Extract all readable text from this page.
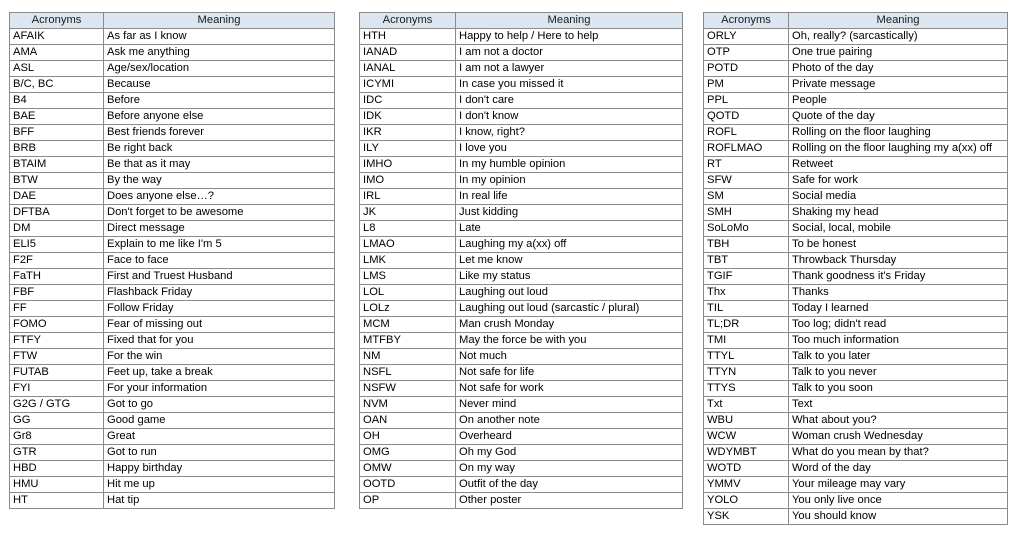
Acronyms	Meaning
AFAIK	As far as I know
AMA	Ask me anything
ASL	Age/sex/location
B/C, BC	Because
B4	Before
BAE	Before anyone else
BFF	Best friends forever
BRB	Be right back
BTAIM	Be that as it may
BTW	By the way
DAE	Does anyone else…?
DFTBA	Don't forget to be awesome
DM	Direct message
ELI5	Explain to me like I'm 5
F2F	Face to face
FaTH	First and Truest Husband
FBF	Flashback Friday
FF	Follow Friday
FOMO	Fear of missing out
FTFY	Fixed that for you
FTW	For the win
FUTAB	Feet up, take a break
FYI	For your information
G2G / GTG	Got to go
GG	Good game
Gr8	Great
GTR	Got to run
HBD	Happy birthday
HMU	Hit me up
HT	Hat tip
Acronyms	Meaning
HTH	Happy to help / Here to help
IANAD	I am not a doctor
IANAL	I am not a lawyer
ICYMI	In case you missed it
IDC	I don't care
IDK	I don't know
IKR	I know, right?
ILY	I love you
IMHO	In my humble opinion
IMO	In my opinion
IRL	In real life
JK	Just kidding
L8	Late
LMAO	Laughing my a(xx) off
LMK	Let me know
LMS	Like my status
LOL	Laughing out loud
LOLz	Laughing out loud (sarcastic / plural)
MCM	Man crush Monday
MTFBY	May the force be with you
NM	Not much
NSFL	Not safe for life
NSFW	Not safe for work
NVM	Never mind
OAN	On another note
OH	Overheard
OMG	Oh my God
OMW	On my way
OOTD	Outfit of the day
OP	Other poster
Acronyms	Meaning
ORLY	Oh, really? (sarcastically)
OTP	One true pairing
POTD	Photo of the day
PM	Private message
PPL	People
QOTD	Quote of the day
ROFL	Rolling on the floor laughing
ROFLMAO	Rolling on the floor laughing my a(xx) off
RT	Retweet
SFW	Safe for work
SM	Social media
SMH	Shaking my head
SoLoMo	Social, local, mobile
TBH	To be honest
TBT	Throwback Thursday
TGIF	Thank goodness it's Friday
Thx	Thanks
TIL	Today I learned
TL;DR	Too log; didn't read
TMI	Too much information
TTYL	Talk to you later
TTYN	Talk to you never
TTYS	Talk to you soon
Txt	Text
WBU	What about you?
WCW	Woman crush Wednesday
WDYMBT	What do you mean by that?
WOTD	Word of the day
YMMV	Your mileage may vary
YOLO	You only live once
YSK	You should know
